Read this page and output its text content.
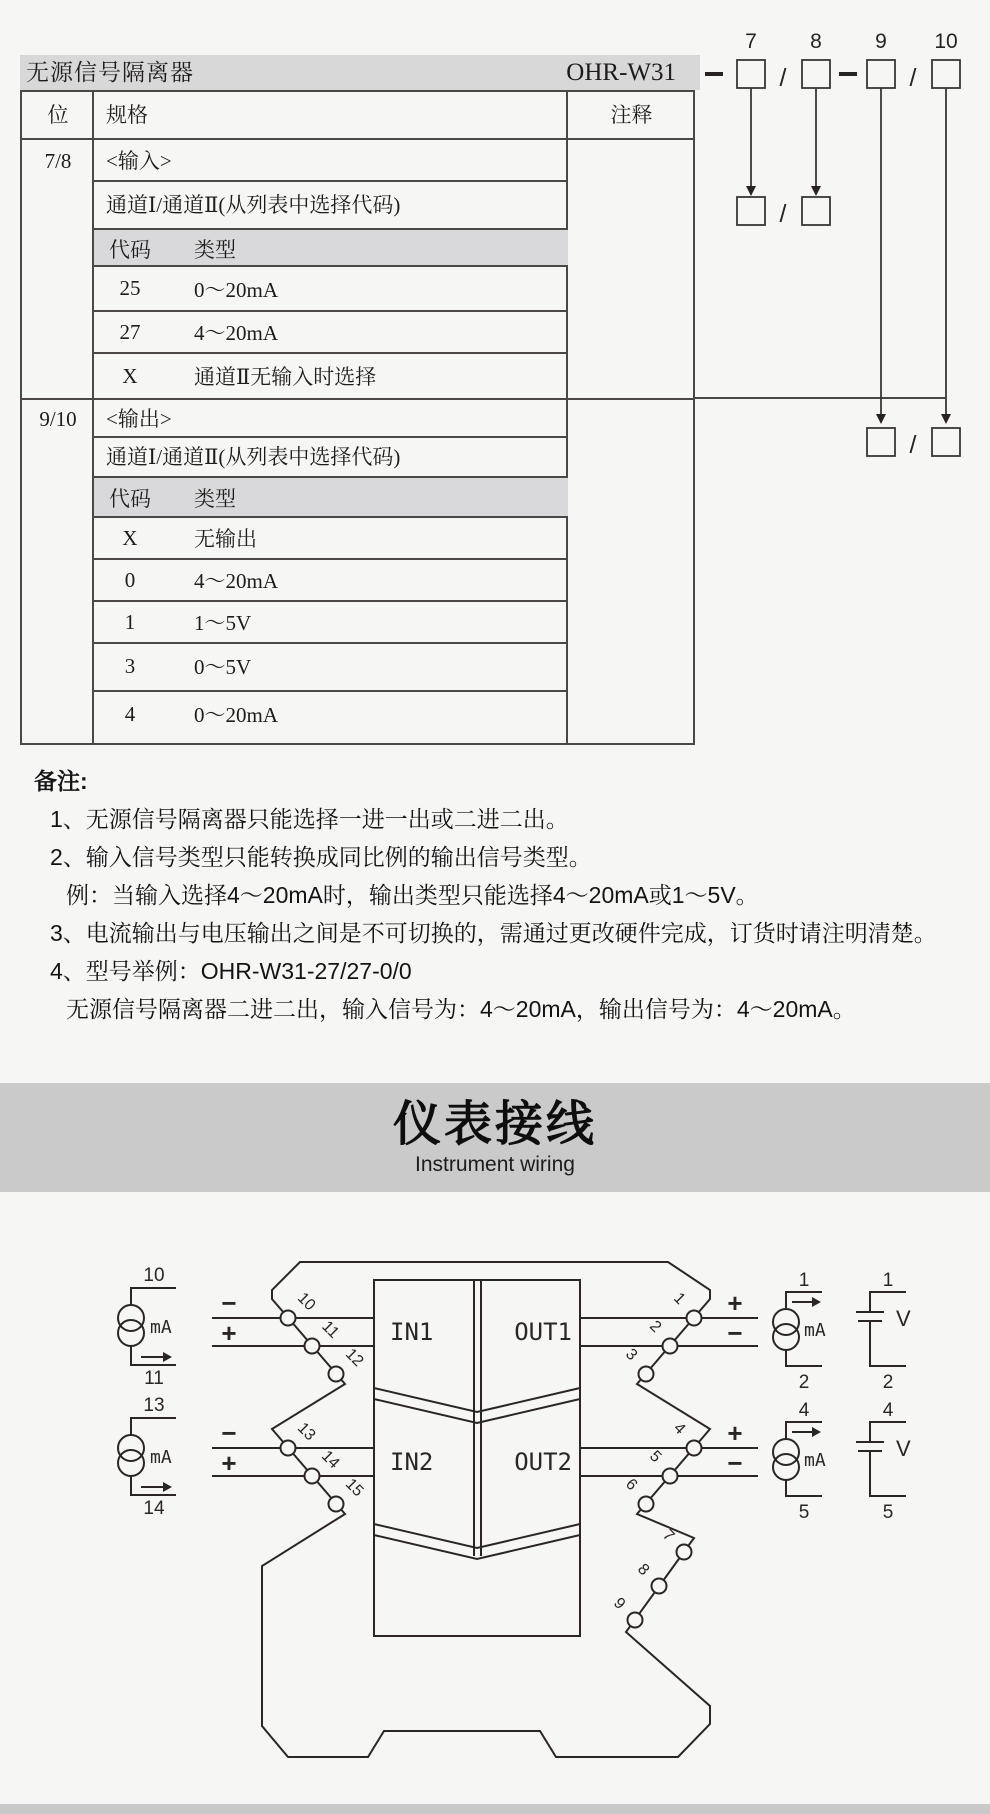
无源信号隔离器	OHR-W31
位	规格	注释
7/8	<输入>
通道Ⅰ/通道Ⅱ(从列表中选择代码)
代码	类型
25	0～20mA
27	4～20mA
X	通道Ⅱ无输入时选择
9/10	<输出>
通道Ⅰ/通道Ⅱ(从列表中选择代码)
代码	类型
X	无输出
0	4～20mA
1	1～5V
3	0～5V
4	0～20mA
7	8	9 10
/	/
/
/
备注:
1、无源信号隔离器只能选择一进一出或二进二出。
2、输入信号类型只能转换成同比例的输出信号类型。
例：当输入选择4～20mA时，输出类型只能选择4～20mA或1～5V。
3、电流输出与电压输出之间是不可切换的，需通过更改硬件完成，订货时请注明清楚。
4、型号举例：OHR-W31-27/27-0/0
无源信号隔离器二进二出，输入信号为：4～20mA，输出信号为：4～20mA。
仪表接线
Instrument wiring
IN1	OUT1
IN2	OUT2
10
mA
11
−
+
13
mA
14
−
+
+
−
1
mA
2
1
V
2
+
−
4
mA
5
4
V
5
10
11
12
13
14
15
1
2
3
4
5
6
7
8
9
